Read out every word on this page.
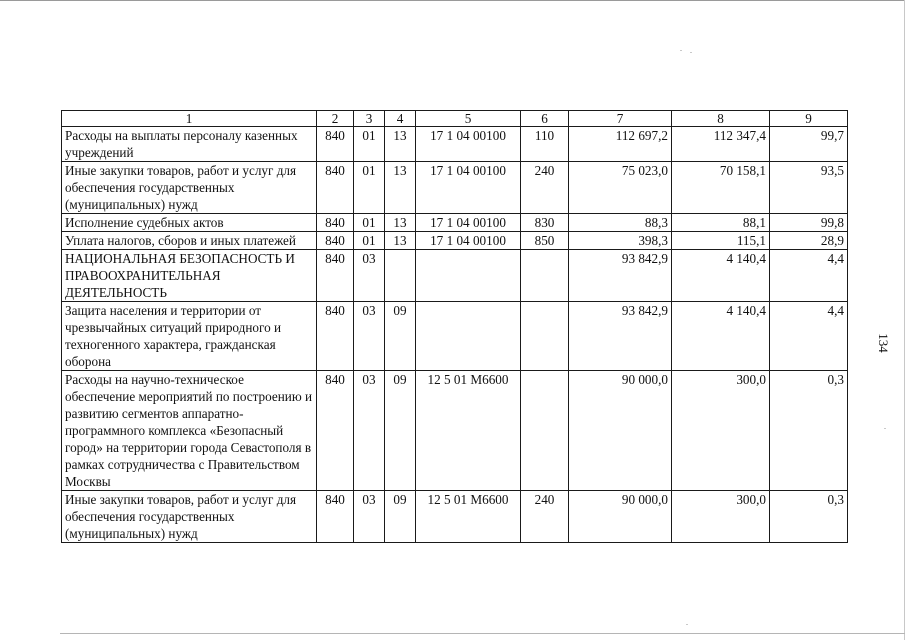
1	2	3	4	5	6	7	8	9
Расходы на выплаты персоналу казенных учреждений	840	01	13	17 1 04 00100	110	112 697,2	112 347,4	99,7
Иные закупки товаров, работ и услуг для обеспечения государственных (муниципальных) нужд	840	01	13	17 1 04 00100	240	75 023,0	70 158,1	93,5
Исполнение судебных актов	840	01	13	17 1 04 00100	830	88,3	88,1	99,8
Уплата налогов, сборов и иных платежей	840	01	13	17 1 04 00100	850	398,3	115,1	28,9
НАЦИОНАЛЬНАЯ БЕЗОПАСНОСТЬ И ПРАВООХРАНИТЕЛЬНАЯ ДЕЯТЕЛЬНОСТЬ	840	03				93 842,9	4 140,4	4,4
Защита населения и территории от чрезвычайных ситуаций природного и техногенного характера, гражданская оборона	840	03	09			93 842,9	4 140,4	4,4
Расходы на научно-техническое обеспечение мероприятий по построению и развитию сегментов аппаратно-программного комплекса «Безопасный город» на территории города Севастополя в рамках сотрудничества с Правительством Москвы	840	03	09	12 5 01 М6600		90 000,0	300,0	0,3
Иные закупки товаров, работ и услуг для обеспечения государственных (муниципальных) нужд	840	03	09	12 5 01 М6600	240	90 000,0	300,0	0,3
134
